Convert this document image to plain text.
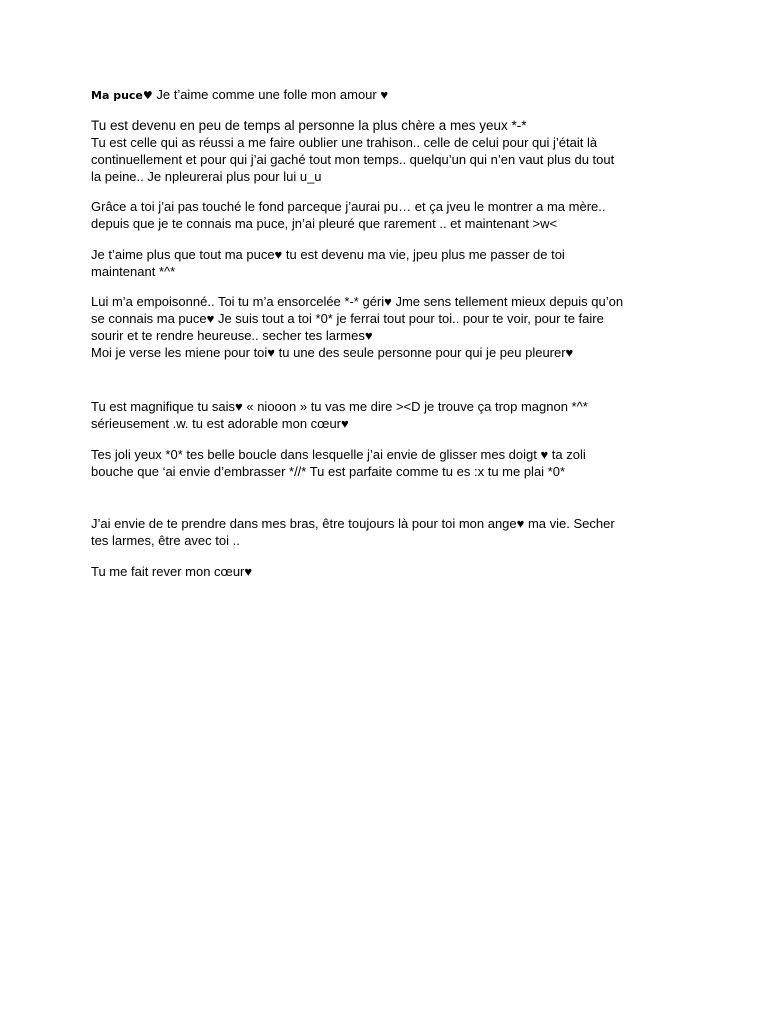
Ma puce♥ Je t’aime comme une folle mon amour ♥

Tu est devenu en peu de temps al personne la plus chère a mes yeux *-*

Tu est celle qui as réussi a me faire oublier une trahison.. celle de celui pour qui j’était là
continuellement et pour qui j’ai gaché tout mon temps.. quelqu’un qui n’en vaut plus du tout
la peine.. Je npleurerai plus pour lui u_u

Grâce a toi j’ai pas touché le fond parceque j’aurai pu… et ça jveu le montrer a ma mère..
depuis que je te connais ma puce, jn’ai pleuré que rarement .. et maintenant >w<

Je t’aime plus que tout ma puce♥ tu est devenu ma vie, jpeu plus me passer de toi
maintenant *^*

Lui m’a empoisonné.. Toi tu m’a ensorcelée *-* géri♥ Jme sens tellement mieux depuis qu’on
se connais ma puce♥ Je suis tout a toi *0* je ferrai tout pour toi.. pour te voir, pour te faire
sourir et te rendre heureuse.. secher tes larmes♥
Moi je verse les miene pour toi♥ tu une des seule personne pour qui je peu pleurer♥

Tu est magnifique tu sais♥ « niooon » tu vas me dire ><D je trouve ça trop magnon *^*
sérieusement .w. tu est adorable mon cœur♥

Tes joli yeux *0* tes belle boucle dans lesquelle j’ai envie de glisser mes doigt ♥ ta zoli
bouche que ‘ai envie d’embrasser *//* Tu est parfaite comme tu es :x tu me plai *0*

J’ai envie de te prendre dans mes bras, être toujours là pour toi mon ange♥ ma vie. Secher
tes larmes, être avec toi ..

Tu me fait rever mon cœur♥
